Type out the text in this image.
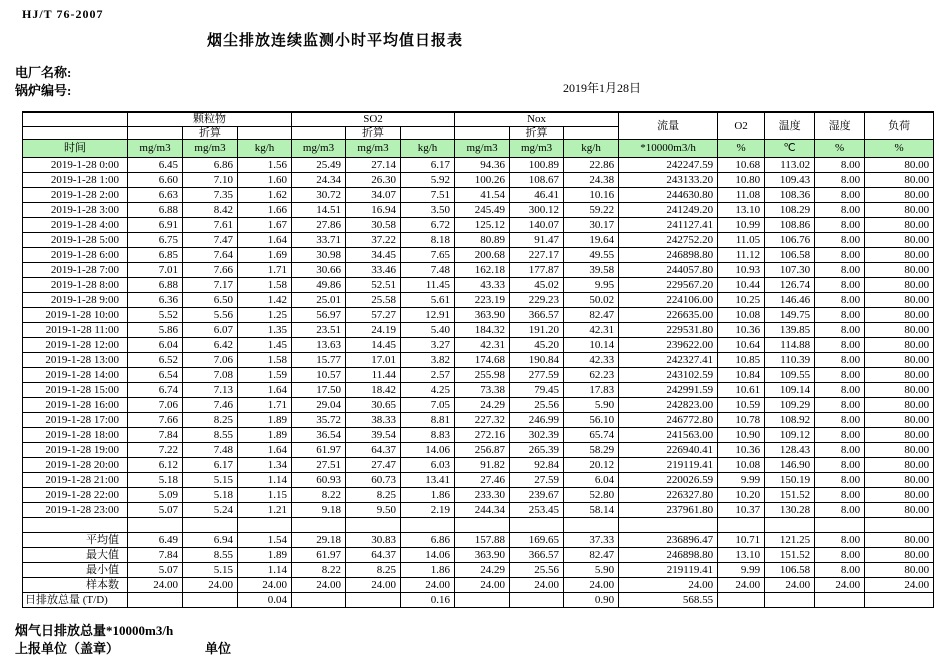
HJ/T 76-2007
烟尘排放连续监测小时平均值日报表
电厂名称:
锅炉编号:	2019年1月28日
	颗粒物			SO2			Nox			流量	O2	温度	湿度	负荷
		折算			折算			折算						
时间	mg/m3	mg/m3	kg/h	mg/m3	mg/m3	kg/h	mg/m3	mg/m3	kg/h	*10000m3/h	%	℃	%	%
2019-1-28 0:00	6.45	6.86	1.56	25.49	27.14	6.17	94.36	100.89	22.86	242247.59	10.68	113.02	8.00	80.00
2019-1-28 1:00	6.60	7.10	1.60	24.34	26.30	5.92	100.26	108.67	24.38	243133.20	10.80	109.43	8.00	80.00
2019-1-28 2:00	6.63	7.35	1.62	30.72	34.07	7.51	41.54	46.41	10.16	244630.80	11.08	108.36	8.00	80.00
2019-1-28 3:00	6.88	8.42	1.66	14.51	16.94	3.50	245.49	300.12	59.22	241249.20	13.10	108.29	8.00	80.00
2019-1-28 4:00	6.91	7.61	1.67	27.86	30.58	6.72	125.12	140.07	30.17	241127.41	10.99	108.86	8.00	80.00
2019-1-28 5:00	6.75	7.47	1.64	33.71	37.22	8.18	80.89	91.47	19.64	242752.20	11.05	106.76	8.00	80.00
2019-1-28 6:00	6.85	7.64	1.69	30.98	34.45	7.65	200.68	227.17	49.55	246898.80	11.12	106.58	8.00	80.00
2019-1-28 7:00	7.01	7.66	1.71	30.66	33.46	7.48	162.18	177.87	39.58	244057.80	10.93	107.30	8.00	80.00
2019-1-28 8:00	6.88	7.17	1.58	49.86	52.51	11.45	43.33	45.02	9.95	229567.20	10.44	126.74	8.00	80.00
2019-1-28 9:00	6.36	6.50	1.42	25.01	25.58	5.61	223.19	229.23	50.02	224106.00	10.25	146.46	8.00	80.00
2019-1-28 10:00	5.52	5.56	1.25	56.97	57.27	12.91	363.90	366.57	82.47	226635.00	10.08	149.75	8.00	80.00
2019-1-28 11:00	5.86	6.07	1.35	23.51	24.19	5.40	184.32	191.20	42.31	229531.80	10.36	139.85	8.00	80.00
2019-1-28 12:00	6.04	6.42	1.45	13.63	14.45	3.27	42.31	45.20	10.14	239622.00	10.64	114.88	8.00	80.00
2019-1-28 13:00	6.52	7.06	1.58	15.77	17.01	3.82	174.68	190.84	42.33	242327.41	10.85	110.39	8.00	80.00
2019-1-28 14:00	6.54	7.08	1.59	10.57	11.44	2.57	255.98	277.59	62.23	243102.59	10.84	109.55	8.00	80.00
2019-1-28 15:00	6.74	7.13	1.64	17.50	18.42	4.25	73.38	79.45	17.83	242991.59	10.61	109.14	8.00	80.00
2019-1-28 16:00	7.06	7.46	1.71	29.04	30.65	7.05	24.29	25.56	5.90	242823.00	10.59	109.29	8.00	80.00
2019-1-28 17:00	7.66	8.25	1.89	35.72	38.33	8.81	227.32	246.99	56.10	246772.80	10.78	108.92	8.00	80.00
2019-1-28 18:00	7.84	8.55	1.89	36.54	39.54	8.83	272.16	302.39	65.74	241563.00	10.90	109.12	8.00	80.00
2019-1-28 19:00	7.22	7.48	1.64	61.97	64.37	14.06	256.87	265.39	58.29	226940.41	10.36	128.43	8.00	80.00
2019-1-28 20:00	6.12	6.17	1.34	27.51	27.47	6.03	91.82	92.84	20.12	219119.41	10.08	146.90	8.00	80.00
2019-1-28 21:00	5.18	5.15	1.14	60.93	60.73	13.41	27.46	27.59	6.04	220026.59	9.99	150.19	8.00	80.00
2019-1-28 22:00	5.09	5.18	1.15	8.22	8.25	1.86	233.30	239.67	52.80	226327.80	10.20	151.52	8.00	80.00
2019-1-28 23:00	5.07	5.24	1.21	9.18	9.50	2.19	244.34	253.45	58.14	237961.80	10.37	130.28	8.00	80.00

平均值	6.49	6.94	1.54	29.18	30.83	6.86	157.88	169.65	37.33	236896.47	10.71	121.25	8.00	80.00
最大值	7.84	8.55	1.89	61.97	64.37	14.06	363.90	366.57	82.47	246898.80	13.10	151.52	8.00	80.00
最小值	5.07	5.15	1.14	8.22	8.25	1.86	24.29	25.56	5.90	219119.41	9.99	106.58	8.00	80.00
样本数	24.00	24.00	24.00	24.00	24.00	24.00	24.00	24.00	24.00	24.00	24.00	24.00	24.00	24.00
日排放总量 (T/D)			0.04			0.16			0.90	568.55				
烟气日排放总量*10000m3/h
上报单位（盖章）	单位
